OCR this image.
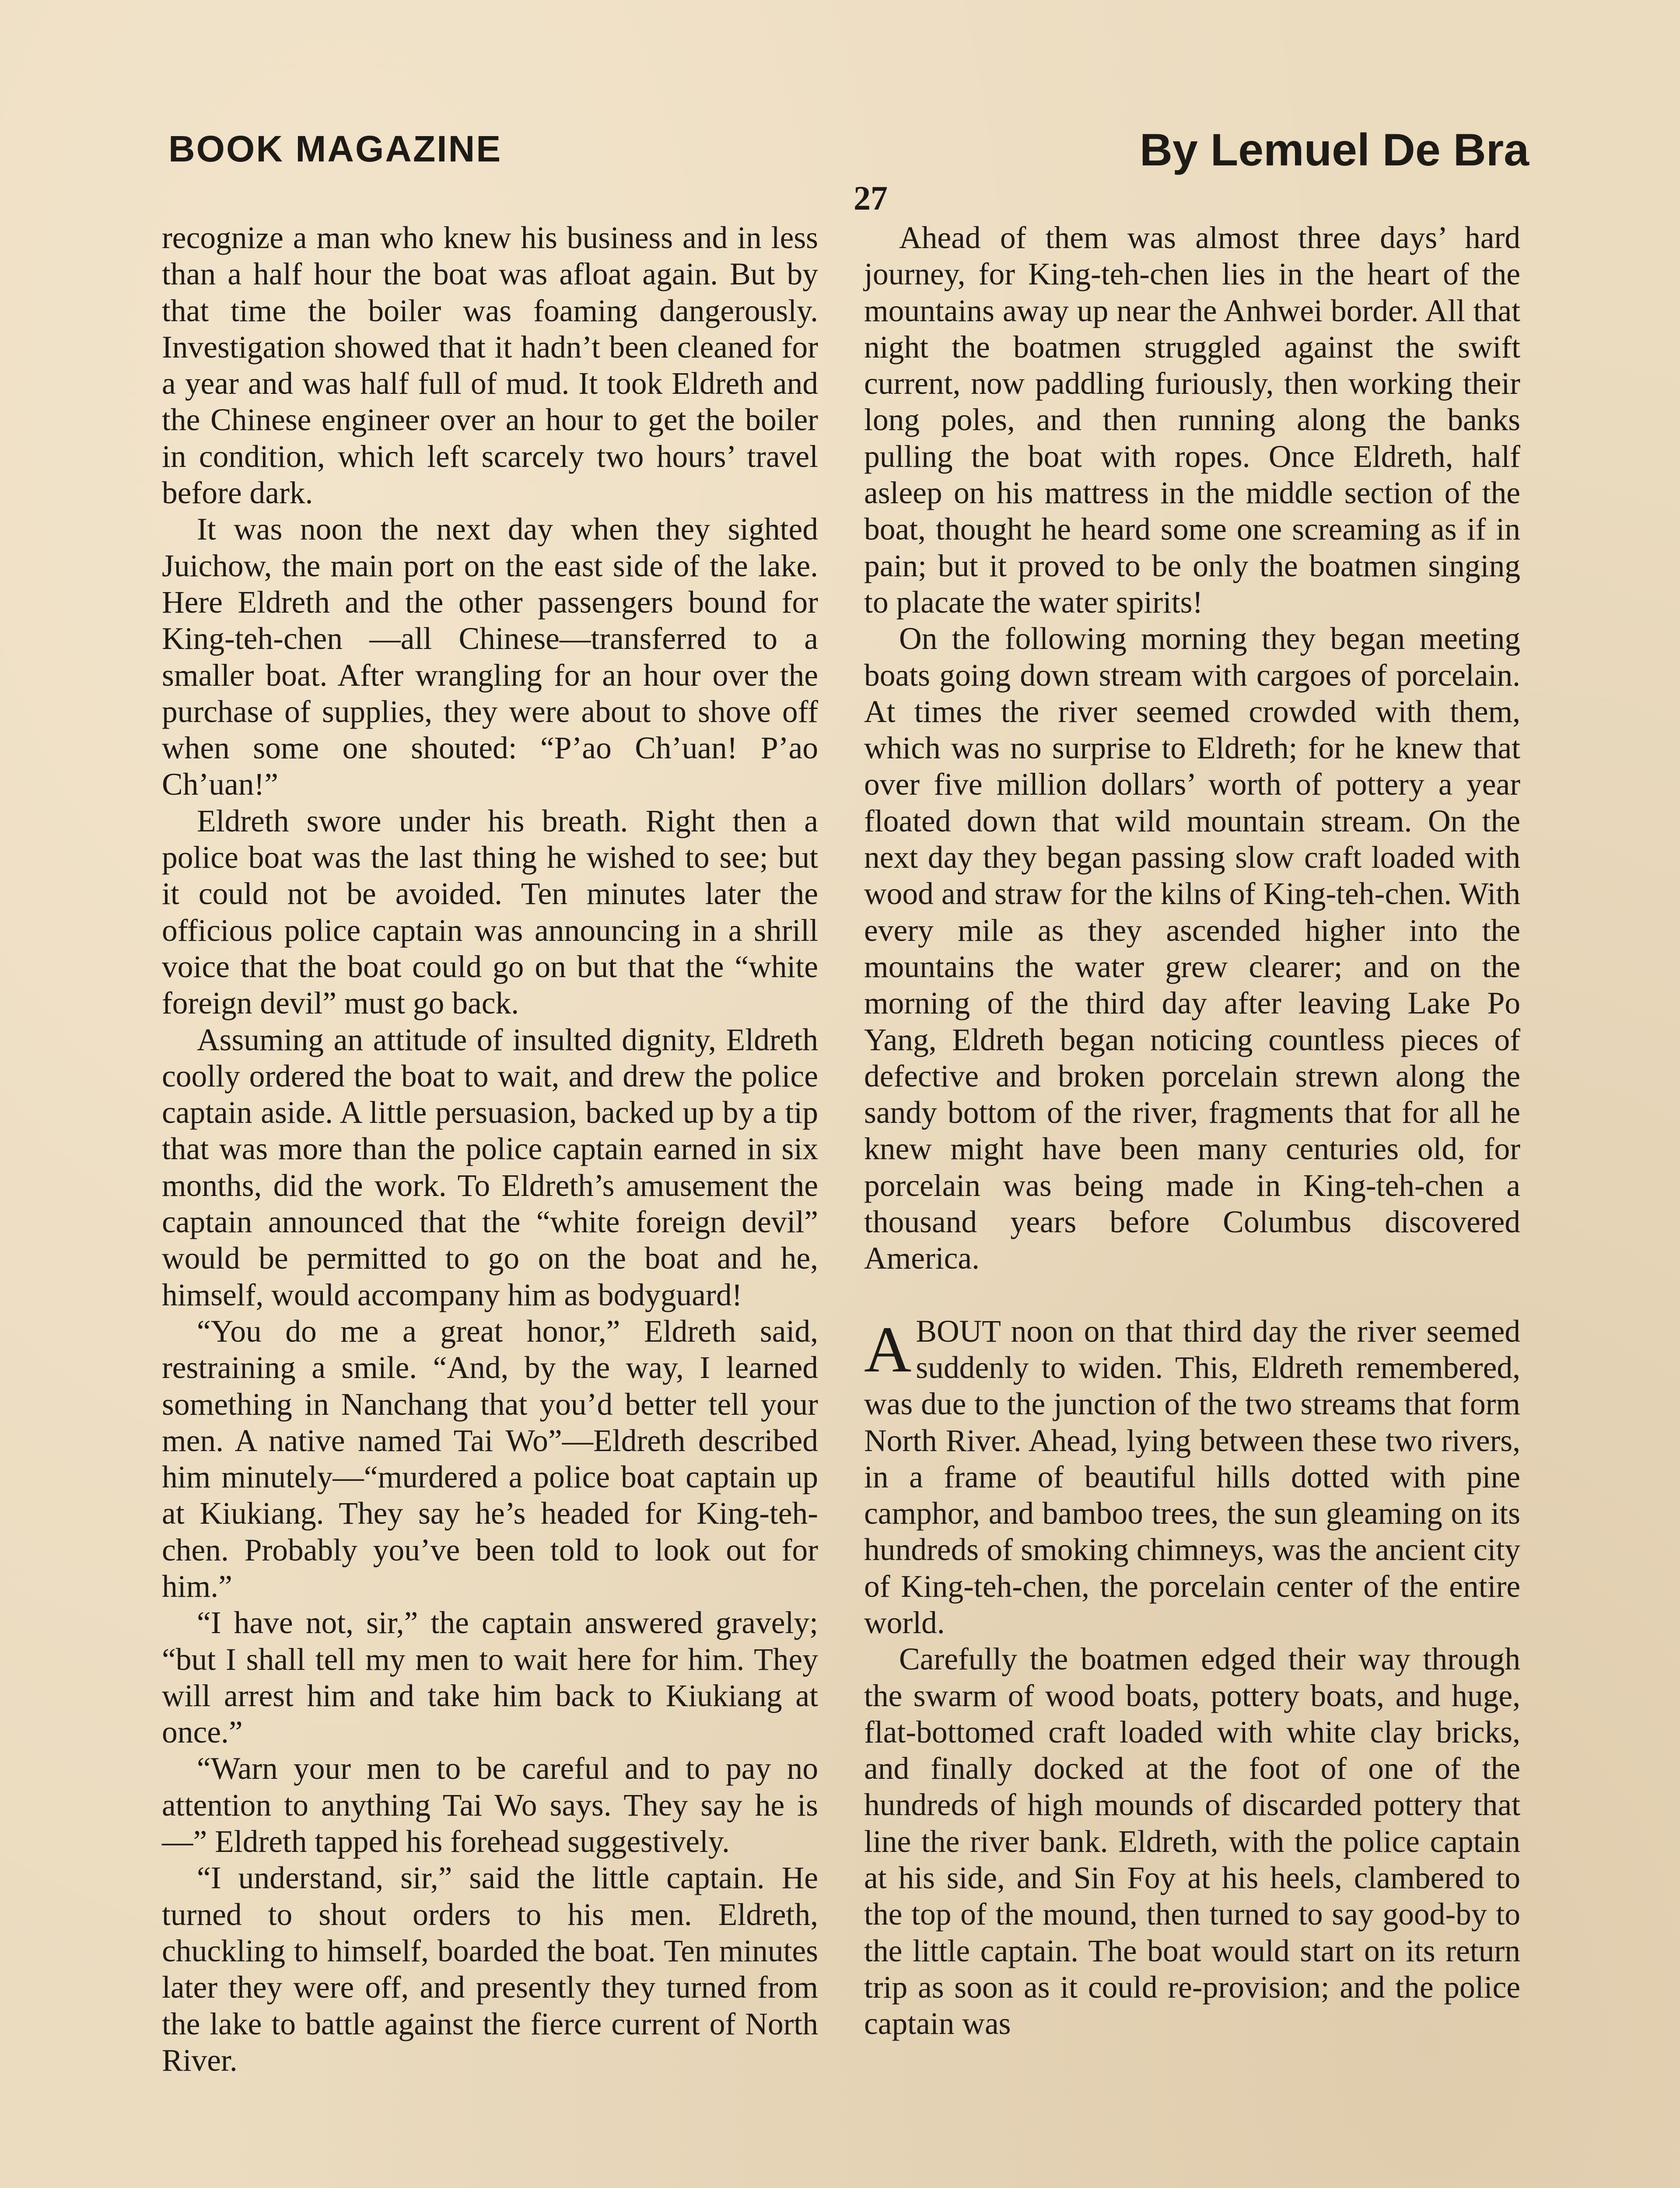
BOOK MAGAZINE	By Lemuel De Bra
27

recognize a man who knew his business and in less than a half hour the boat was afloat again. But by that time the boiler was foaming dangerously. Investigation showed that it hadn’t been cleaned for a year and was half full of mud. It took Eldreth and the Chinese engineer over an hour to get the boiler in condition, which left scarcely two hours’ travel before dark.

It was noon the next day when they sighted Juichow, the main port on the east side of the lake. Here Eldreth and the other passengers bound for King-teh-chen —all Chinese—transferred to a smaller boat. After wrangling for an hour over the purchase of supplies, they were about to shove off when some one shouted: “P’ao Ch’uan! P’ao Ch’uan!”

Eldreth swore under his breath. Right then a police boat was the last thing he wished to see; but it could not be avoided. Ten minutes later the officious police captain was announcing in a shrill voice that the boat could go on but that the “white foreign devil” must go back.

Assuming an attitude of insulted dignity, Eldreth coolly ordered the boat to wait, and drew the police captain aside. A little persuasion, backed up by a tip that was more than the police captain earned in six months, did the work. To Eldreth’s amusement the captain announced that the “white foreign devil” would be permitted to go on the boat and he, himself, would accompany him as bodyguard!

“You do me a great honor,” Eldreth said, restraining a smile. “And, by the way, I learned something in Nanchang that you’d better tell your men. A native named Tai Wo”—Eldreth described him minutely—“murdered a police boat captain up at Kiukiang. They say he’s headed for King-teh-chen. Probably you’ve been told to look out for him.”

“I have not, sir,” the captain answered gravely; “but I shall tell my men to wait here for him. They will arrest him and take him back to Kiukiang at once.”

“Warn your men to be careful and to pay no attention to anything Tai Wo says. They say he is—” Eldreth tapped his forehead suggestively.

“I understand, sir,” said the little captain. He turned to shout orders to his men. Eldreth, chuckling to himself, boarded the boat. Ten minutes later they were off, and presently they turned from the lake to battle against the fierce current of North River.

Ahead of them was almost three days’ hard journey, for King-teh-chen lies in the heart of the mountains away up near the Anhwei border. All that night the boatmen struggled against the swift current, now paddling furiously, then working their long poles, and then running along the banks pulling the boat with ropes. Once Eldreth, half asleep on his mattress in the middle section of the boat, thought he heard some one screaming as if in pain; but it proved to be only the boatmen singing to placate the water spirits!

On the following morning they began meeting boats going down stream with cargoes of porcelain. At times the river seemed crowded with them, which was no surprise to Eldreth; for he knew that over five million dollars’ worth of pottery a year floated down that wild mountain stream. On the next day they began passing slow craft loaded with wood and straw for the kilns of King-teh-chen. With every mile as they ascended higher into the mountains the water grew clearer; and on the morning of the third day after leaving Lake Po Yang, Eldreth began noticing countless pieces of defective and broken porcelain strewn along the sandy bottom of the river, fragments that for all he knew might have been many centuries old, for porcelain was being made in King-teh-chen a thousand years before Columbus discovered America.

ABOUT noon on that third day the river seemed suddenly to widen. This, Eldreth remembered, was due to the junction of the two streams that form North River. Ahead, lying between these two rivers, in a frame of beautiful hills dotted with pine camphor, and bamboo trees, the sun gleaming on its hundreds of smoking chimneys, was the ancient city of King-teh-chen, the porcelain center of the entire world.

Carefully the boatmen edged their way through the swarm of wood boats, pottery boats, and huge, flat-bottomed craft loaded with white clay bricks, and finally docked at the foot of one of the hundreds of high mounds of discarded pottery that line the river bank. Eldreth, with the police captain at his side, and Sin Foy at his heels, clambered to the top of the mound, then turned to say good-by to the little captain. The boat would start on its return trip as soon as it could re-provision; and the police captain was
